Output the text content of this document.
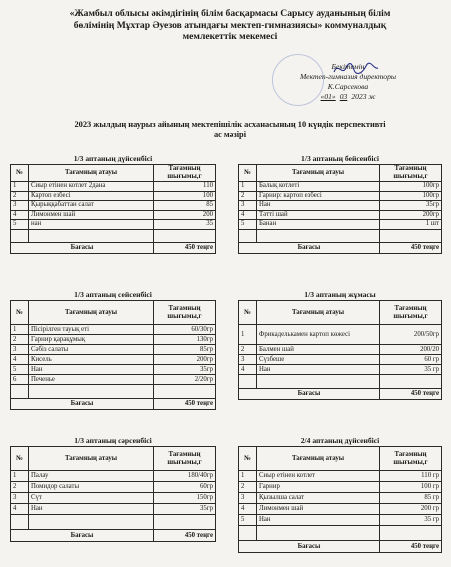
«Жамбыл облысы әкімдігінің білім басқармасы Сарысу ауданының білім
бөлімінің Мұхтар Әуезов атындағы мектеп-гимназиясы» коммуналдық
мемлекеттік мекемесі
Бекітемін
Мектеп-гимназия директоры
К.Сарсекова
«01» 03 2023 ж
2023 жылдың наурыз айының мектепішілік асханасының 10 күндік перспективті
ас мәзірі
1/3 аптаның дүйсенбісі
№	Тағамның атауы	Тағамның шығымы,г
1	Сиыр етінен котлет 2дана	110
2	Картоп езбесі	100
3	Қырыққабаттан салат	85
4	Лимонмен шай	200
5	нан	35

Бағасы		450 теңге
1/3 аптаның бейсенбісі
№	Тағамның атауы	Тағамның шығымы,г
1	Балық котлеті	100гр
2	Гарнир: картоп езбесі	100гр
3	Нан	35гр
4	Тәтті шай	200гр
5	Банан	1 шт

Бағасы		450 теңге
1/3 аптаның сейсенбісі
№	Тағамның атауы	Тағамның шығымы,г
1	Пісірілген тауық еті	60/30гр
2	Гарнир қарақұмық	130гр
3	Сәбіз салаты	85гр
4	Кисель	200гр
5	Нан	35гр
6	Печенье	2/20гр

Бағасы		450 теңге
1/3 аптаның жұмасы
№	Тағамның атауы	Тағамның шығымы,г
1	Фрикаделькамен картоп көжесі	200/50гр
2	Балмен шай	200/20
3	Сүзбеше	60 гр
4	Нан	35 гр

Бағасы		450 теңге
1/3 аптаның сәрсенбісі
№	Тағамның атауы	Тағамның шығымы,г
1	Палау	180/40гр
2	Помидор салаты	60гр
3	Сүт	150гр
4	Нан	35гр

Бағасы		450 теңге
2/4 аптаның дүйсенбісі
№	Тағамның атауы	Тағамның шығымы,г
1	Сиыр етінен котлет	110 гр
2	Гарнир	100 гр
3	Қызылша салат	85 гр
4	Лимонмен шай	200 гр
5	Нан	35 гр

Бағасы		450 теңге
